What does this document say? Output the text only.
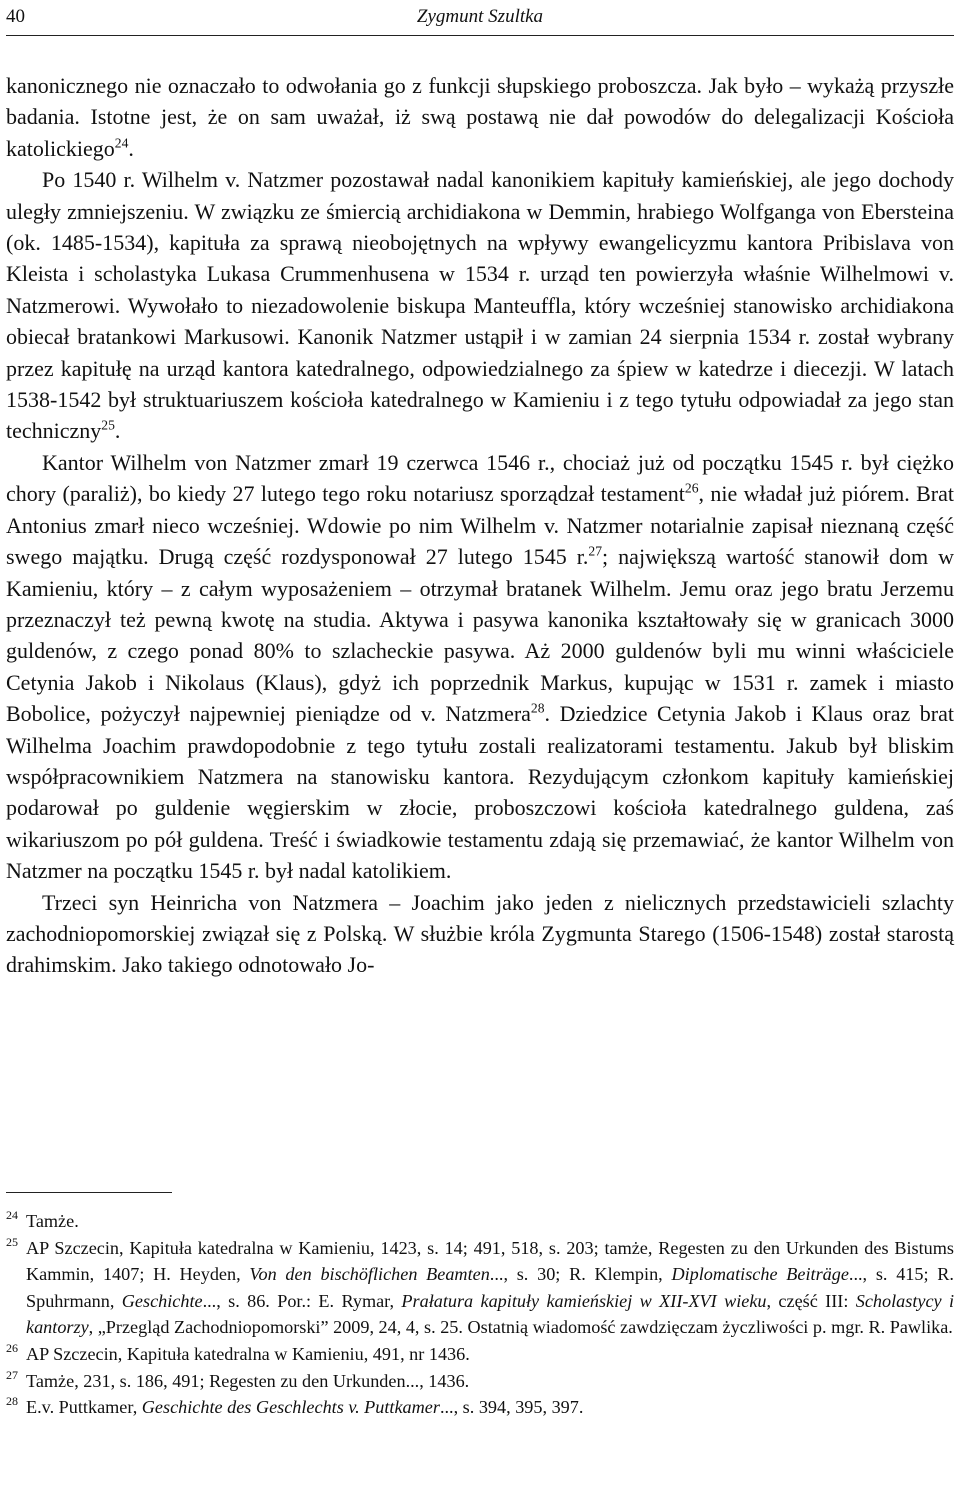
40	Zygmunt Szultka

kanonicznego nie oznaczało to odwołania go z funkcji słupskiego proboszcza. Jak było – wykażą przyszłe badania. Istotne jest, że on sam uważał, iż swą postawą nie dał powodów do delegalizacji Kościoła katolickiego$^{24}$.

Po 1540 r. Wilhelm v. Natzmer pozostawał nadal kanonikiem kapituły kamieńskiej, ale jego dochody uległy zmniejszeniu. W związku ze śmiercią archidiakona w Demmin, hrabiego Wolfganga von Ebersteina (ok. 1485-1534), kapituła za sprawą nieobojętnych na wpływy ewangelicyzmu kantora Pribislava von Kleista i scholastyka Lukasa Crummenhusena w 1534 r. urząd ten powierzyła właśnie Wilhelmowi v. Natzmerowi. Wywołało to niezadowolenie biskupa Manteuffla, który wcześniej stanowisko archidiakona obiecał bratankowi Markusowi. Kanonik Natzmer ustąpił i w zamian 24 sierpnia 1534 r. został wybrany przez kapitułę na urząd kantora katedralnego, odpowiedzialnego za śpiew w katedrze i diecezji. W latach 1538-1542 był struktuariuszem kościoła katedralnego w Kamieniu i z tego tytułu odpowiadał za jego stan techniczny$^{25}$.

Kantor Wilhelm von Natzmer zmarł 19 czerwca 1546 r., chociaż już od początku 1545 r. był ciężko chory (paraliż), bo kiedy 27 lutego tego roku notariusz sporządzał testament$^{26}$, nie władał już piórem. Brat Antonius zmarł nieco wcześniej. Wdowie po nim Wilhelm v. Natzmer notarialnie zapisał nieznaną część swego majątku. Drugą część rozdysponował 27 lutego 1545 r.$^{27}$; największą wartość stanowił dom w Kamieniu, który – z całym wyposażeniem – otrzymał bratanek Wilhelm. Jemu oraz jego bratu Jerzemu przeznaczył też pewną kwotę na studia. Aktywa i pasywa kanonika kształtowały się w granicach 3000 guldenów, z czego ponad 80% to szlacheckie pasywa. Aż 2000 guldenów byli mu winni właściciele Cetynia Jakob i Nikolaus (Klaus), gdyż ich poprzednik Markus, kupując w 1531 r. zamek i miasto Bobolice, pożyczył najpewniej pieniądze od v. Natzmera$^{28}$. Dziedzice Cetynia Jakob i Klaus oraz brat Wilhelma Joachim prawdopodobnie z tego tytułu zostali realizatorami testamentu. Jakub był bliskim współpracownikiem Natzmera na stanowisku kantora. Rezydującym członkom kapituły kamieńskiej podarował po guldenie węgierskim w złocie, proboszczowi kościoła katedralnego guldena, zaś wikariuszom po pół guldena. Treść i świadkowie testamentu zdają się przemawiać, że kantor Wilhelm von Natzmer na początku 1545 r. był nadal katolikiem.

Trzeci syn Heinricha von Natzmera – Joachim jako jeden z nielicznych przedstawicieli szlachty zachodniopomorskiej związał się z Polską. W służbie króla Zygmunta Starego (1506-1548) został starostą drahimskim. Jako takiego odnotowało Jo-

24 Tamże.
25 AP Szczecin, Kapituła katedralna w Kamieniu, 1423, s. 14; 491, 518, s. 203; tamże, Regesten zu den Urkunden des Bistums Kammin, 1407; H. Heyden, Von den bischöflichen Beamten..., s. 30; R. Klempin, Diplomatische Beiträge..., s. 415; R. Spuhrmann, Geschichte..., s. 86. Por.: E. Rymar, Prałatura kapituły kamieńskiej w XII-XVI wieku, część III: Scholastycy i kantorzy, „Przegląd Zachodniopomorski” 2009, 24, 4, s. 25. Ostatnią wiadomość zawdzięczam życzliwości p. mgr. R. Pawlika.
26 AP Szczecin, Kapituła katedralna w Kamieniu, 491, nr 1436.
27 Tamże, 231, s. 186, 491; Regesten zu den Urkunden..., 1436.
28 E.v. Puttkamer, Geschichte des Geschlechts v. Puttkamer..., s. 394, 395, 397.
